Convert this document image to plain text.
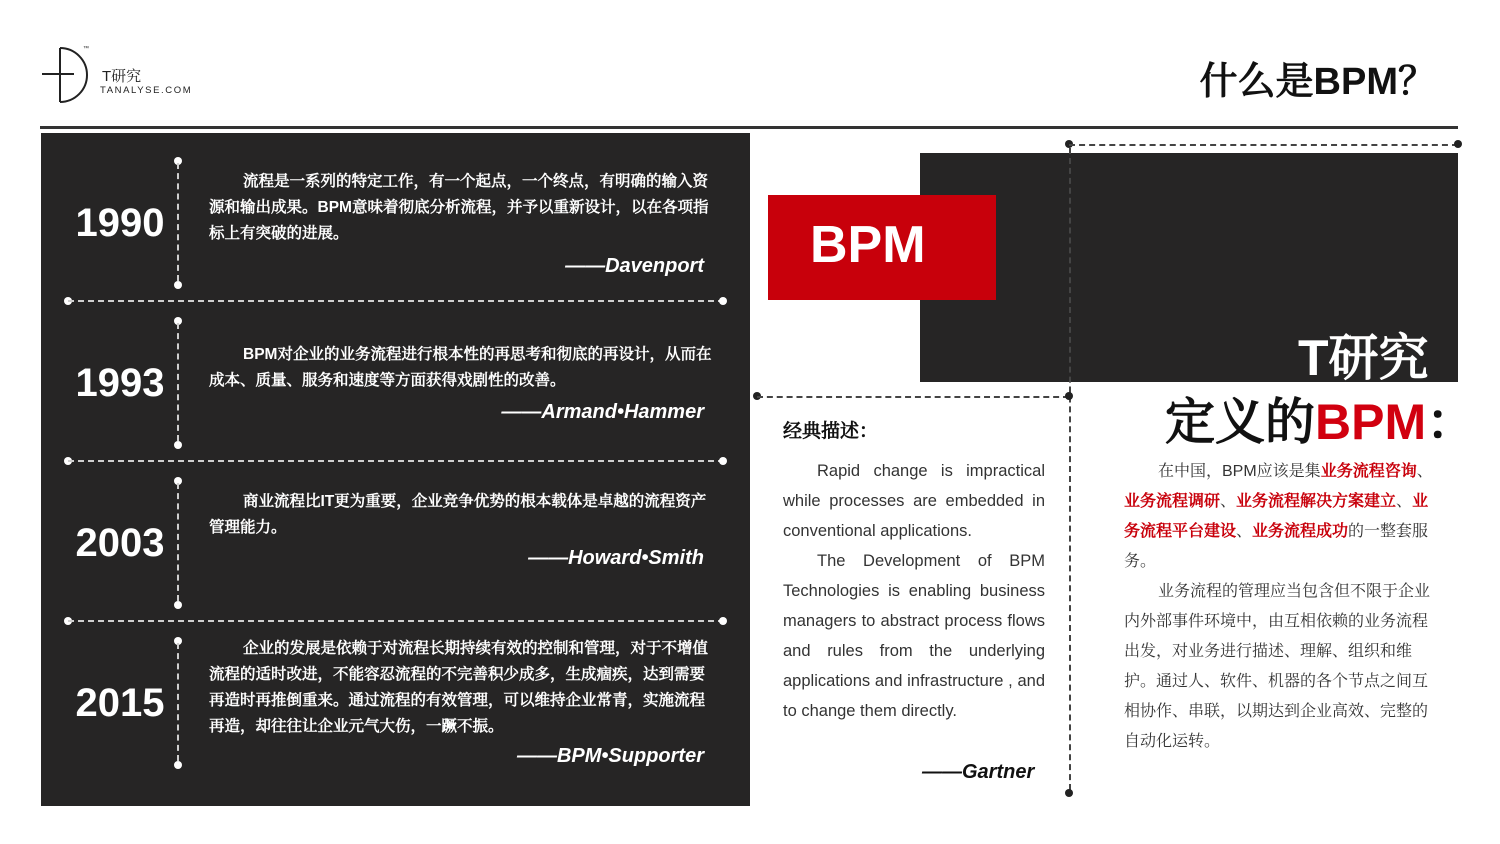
™
T研究
TANALYSE.COM	什么是BPM？
1990
流程是一系列的特定工作，有一个起点，一个终点，有明确的输入资源和输出成果。BPM意味着彻底分析流程，并予以重新设计，以在各项指标上有突破的进展。
——Davenport
1993
BPM对企业的业务流程进行根本性的再思考和彻底的再设计，从而在成本、质量、服务和速度等方面获得戏剧性的改善。
——Armand•Hammer
2003
商业流程比IT更为重要，企业竞争优势的根本载体是卓越的流程资产管理能力。
——Howard•Smith
2015
企业的发展是依赖于对流程长期持续有效的控制和管理，对于不增值流程的适时改进，不能容忍流程的不完善积少成多，生成痼疾，达到需要再造时再推倒重来。通过流程的有效管理，可以维持企业常青，实施流程再造，却往往让企业元气大伤，一蹶不振。
——BPM•Supporter
BPM
T研究
定义的BPM：
经典描述：

Rapid change is impractical while processes are embedded in conventional applications.

The Development of BPM Technologies is enabling business managers to abstract process flows and rules from the underlying applications and infrastructure , and to change them directly.

——Gartner

在中国，BPM应该是集业务流程咨询、业务流程调研、业务流程解决方案建立、业务流程平台建设、业务流程成功的一整套服务。

业务流程的管理应当包含但不限于企业内外部事件环境中，由互相依赖的业务流程出发，对业务进行描述、理解、组织和维护。通过人、软件、机器的各个节点之间互相协作、串联，以期达到企业高效、完整的自动化运转。
